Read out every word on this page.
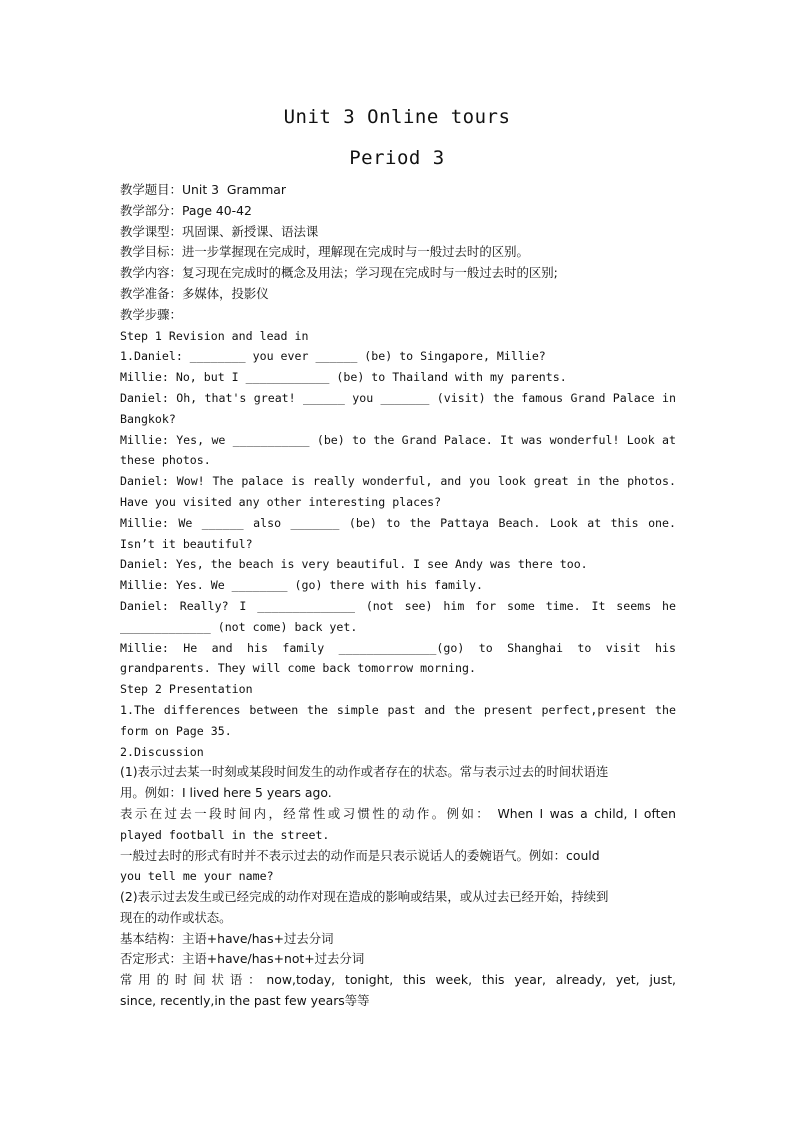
Unit 3 Online tours
Period 3
教学题目：Unit 3  Grammar
教学部分：Page 40-42
教学课型：巩固课、新授课、语法课
教学目标：进一步掌握现在完成时，理解现在完成时与一般过去时的区别。
教学内容：复习现在完成时的概念及用法；学习现在完成时与一般过去时的区别;
教学准备：多媒体，投影仪
教学步骤：
Step 1 Revision and lead in
1.Daniel: ________ you ever ______ (be) to Singapore, Millie?
Millie: No, but I ____________ (be) to Thailand with my parents.
Daniel: Oh, that's great! ______ you _______ (visit) the famous Grand Palace in
Bangkok?
Millie: Yes, we ___________ (be) to the Grand Palace. It was wonderful! Look at
these photos.
Daniel: Wow! The palace is really wonderful, and you look great in the photos.
Have you visited any other interesting places?
Millie: We ______ also _______ (be) to the Pattaya Beach. Look at this one.
Isn’t it beautiful?
Daniel: Yes, the beach is very beautiful. I see Andy was there too.
Millie: Yes. We ________ (go) there with his family.
Daniel: Really? I ______________ (not see) him for some time. It seems he
_____________ (not come) back yet.
Millie: He and his family ______________(go) to Shanghai to visit his
grandparents. They will come back tomorrow morning.
Step 2 Presentation
1.The differences between the simple past and the present perfect,present the
form on Page 35.
2.Discussion
(1)表示过去某一时刻或某段时间发生的动作或者存在的状态。常与表示过去的时间状语连
用。例如：I lived here 5 years ago.
表示在过去一段时间内，经常性或习惯性的动作。例如： When I was a child, I often
played football in the street.
一般过去时的形式有时并不表示过去的动作而是只表示说话人的委婉语气。例如：could
you tell me your name?
(2)表示过去发生或已经完成的动作对现在造成的影响或结果，或从过去已经开始，持续到
现在的动作或状态。
基本结构：主语+have/has+过去分词
否定形式：主语+have/has+not+过去分词
常用的时间状语：now,today, tonight, this week, this year, already, yet, just,
since, recently,in the past few years等等
